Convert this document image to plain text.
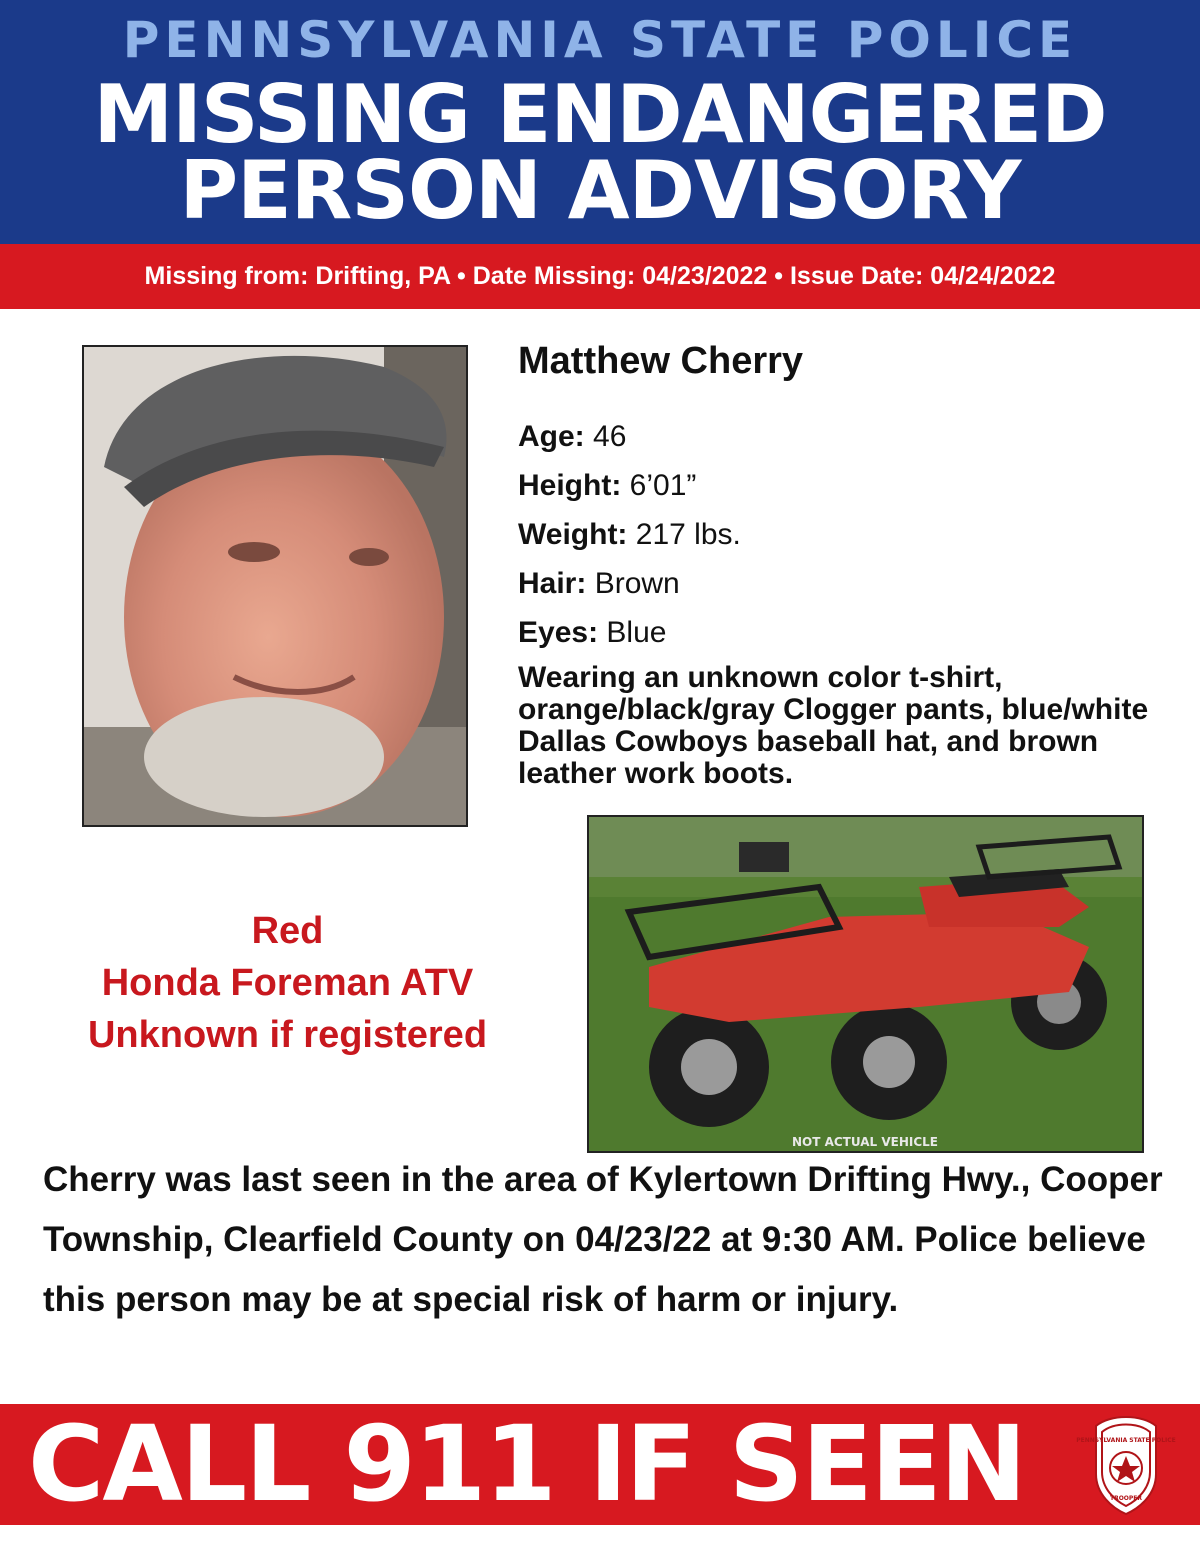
PENNSYLVANIA STATE POLICE
MISSING ENDANGERED
PERSON ADVISORY
Missing from: Drifting, PA • Date Missing: 04/23/2022 • Issue Date: 04/24/2022
Matthew Cherry
Age: 46
Height: 6’01”
Weight: 217 lbs.
Hair: Brown
Eyes: Blue
Wearing an unknown color t-shirt, orange/black/gray Clogger pants, blue/white Dallas Cowboys baseball hat, and brown leather work boots.
Red
Honda Foreman ATV
Unknown if registered
NOT ACTUAL VEHICLE
Cherry was last seen in the area of Kylertown Drifting Hwy., Cooper Township, Clearfield County on 04/23/22 at 9:30 AM. Police believe this person may be at special risk of harm or injury.
CALL 911 IF SEEN	PENNSYLVANIA STATE POLICE
TROOPER
